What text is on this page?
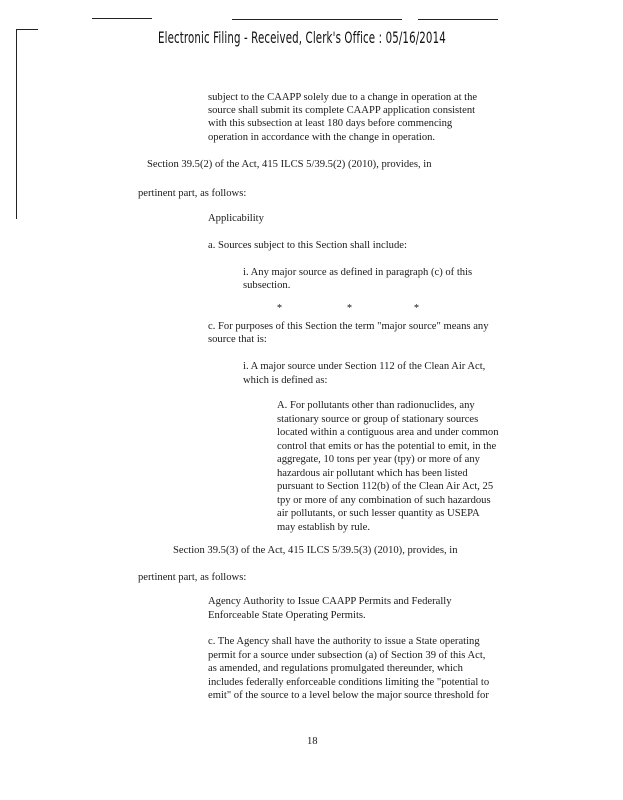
Electronic Filing - Received, Clerk's Office : 05/16/2014
subject to the CAAPP solely due to a change in operation at the
source shall submit its complete CAAPP application consistent
with this subsection at least 180 days before commencing
operation in accordance with the change in operation.
Section 39.5(2) of the Act, 415 ILCS 5/39.5(2) (2010), provides, in
pertinent part, as follows:
Applicability
a. Sources subject to this Section shall include:
i. Any major source as defined in paragraph (c) of this
subsection.
*	*	*
c. For purposes of this Section the term "major source" means any
source that is:
i. A major source under Section 112 of the Clean Air Act,
which is defined as:
A. For pollutants other than radionuclides, any
stationary source or group of stationary sources
located within a contiguous area and under common
control that emits or has the potential to emit, in the
aggregate, 10 tons per year (tpy) or more of any
hazardous air pollutant which has been listed
pursuant to Section 112(b) of the Clean Air Act, 25
tpy or more of any combination of such hazardous
air pollutants, or such lesser quantity as USEPA
may establish by rule.
Section 39.5(3) of the Act, 415 ILCS 5/39.5(3) (2010), provides, in
pertinent part, as follows:
Agency Authority to Issue CAAPP Permits and Federally
Enforceable State Operating Permits.
c. The Agency shall have the authority to issue a State operating
permit for a source under subsection (a) of Section 39 of this Act,
as amended, and regulations promulgated thereunder, which
includes federally enforceable conditions limiting the "potential to
emit" of the source to a level below the major source threshold for
18
